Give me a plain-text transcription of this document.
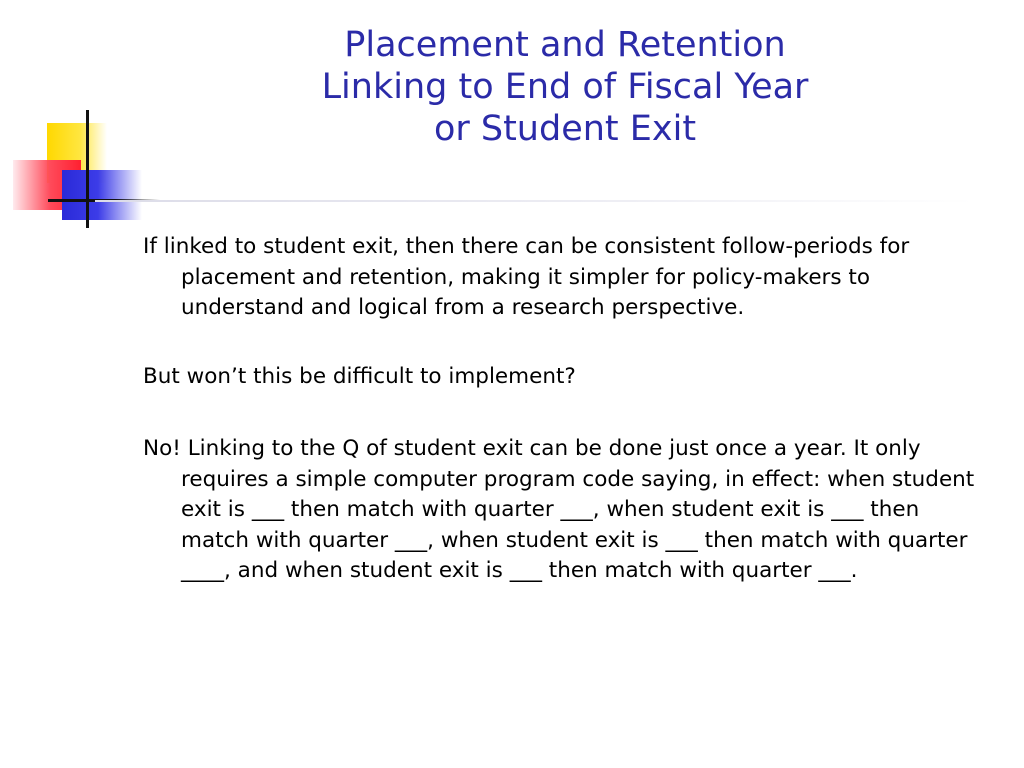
Placement and Retention
Linking to End of Fiscal Year
or Student Exit

If linked to student exit, then there can be consistent follow-periods for placement and retention, making it simpler for policy-makers to understand and logical from a research perspective.

But won’t this be difficult to implement?

No! Linking to the Q of student exit can be done just once a year. It only requires a simple computer program code saying, in effect: when student exit is ___ then match with quarter ___, when student exit is ___ then match with quarter ___, when student exit is ___ then match with quarter ____, and when student exit is ___ then match with quarter ___.
